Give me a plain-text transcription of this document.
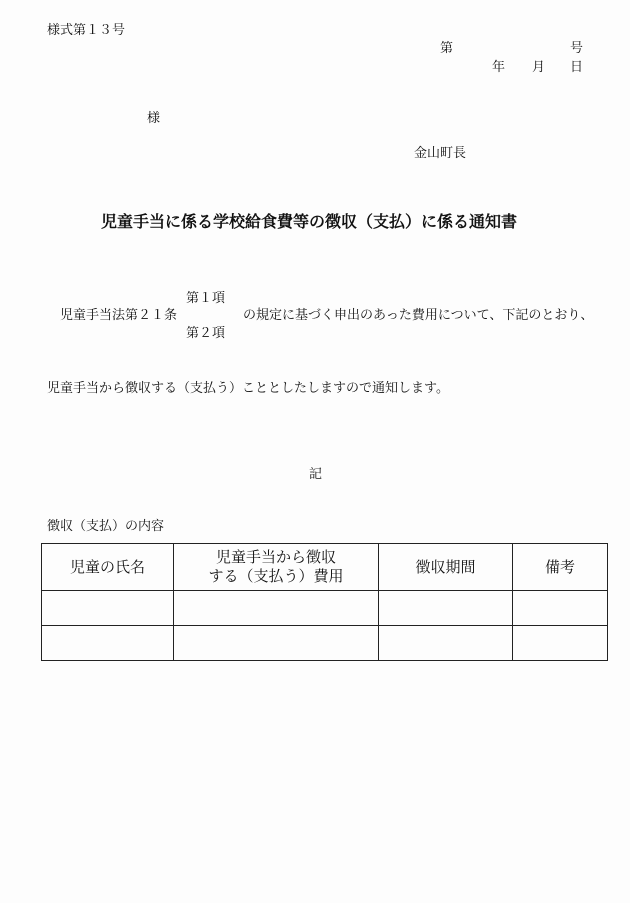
様式第１３号
第	号
年 月 日
様
金山町長
児童手当に係る学校給食費等の徴収（支払）に係る通知書
児童手当法第２１条
第１項
第２項
の規定に基づく申出のあった費用について、下記のとおり、
児童手当から徴収する（支払う）こととしたしますので通知します。
記
徴収（支払）の内容
児童の氏名	児童手当から徴収
する（支払う）費用	徴収期間	備考
